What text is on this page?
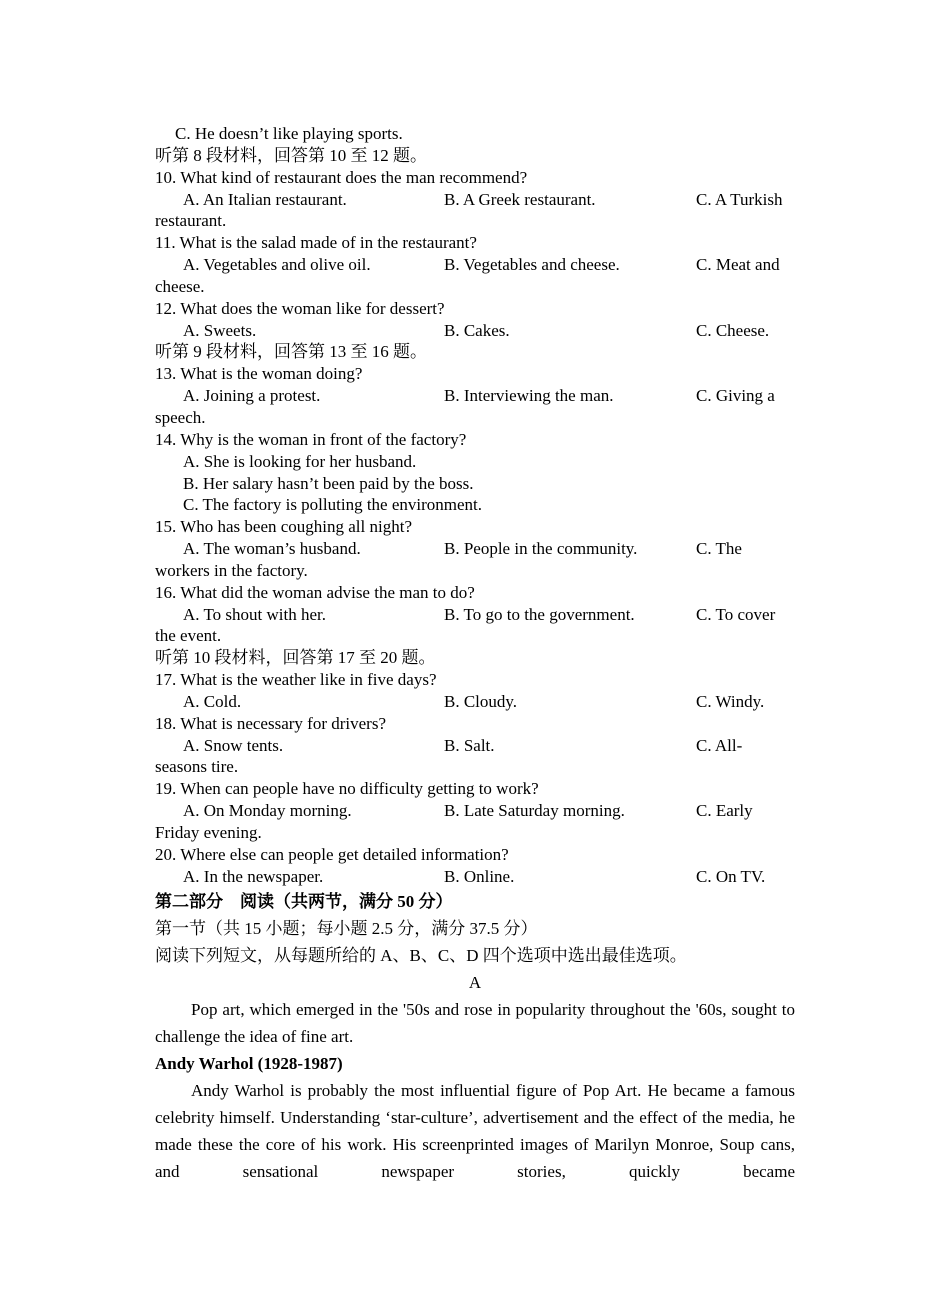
C. He doesn’t like playing sports.
听第 8 段材料，回答第 10 至 12 题。
10. What kind of restaurant does the man recommend?
A. An Italian restaurant.	B. A Greek restaurant.	C. A Turkish
restaurant.
11. What is the salad made of in the restaurant?
A. Vegetables and olive oil.	B. Vegetables and cheese.	C. Meat and
cheese.
12. What does the woman like for dessert?
A. Sweets.	B. Cakes.	C. Cheese.
听第 9 段材料，回答第 13 至 16 题。
13. What is the woman doing?
A. Joining a protest.	B. Interviewing the man.	C. Giving a
speech.
14. Why is the woman in front of the factory?
A. She is looking for her husband.
B. Her salary hasn’t been paid by the boss.
C. The factory is polluting the environment.
15. Who has been coughing all night?
A. The woman’s husband.	B. People in the community.	C. The
workers in the factory.
16. What did the woman advise the man to do?
A. To shout with her.	B. To go to the government.	C. To cover
the event.
听第 10 段材料，回答第 17 至 20 题。
17. What is the weather like in five days?
A. Cold.	B. Cloudy.	C. Windy.
18. What is necessary for drivers?
A. Snow tents.	B. Salt.	C. All-
seasons tire.
19. When can people have no difficulty getting to work?
A. On Monday morning.	B. Late Saturday morning.	C. Early
Friday evening.
20. Where else can people get detailed information?
A. In the newspaper.	B. Online.	C. On TV.
第二部分　阅读（共两节，满分 50 分）
第一节（共 15 小题；每小题 2.5 分，满分 37.5 分）
阅读下列短文，从每题所给的 A、B、C、D 四个选项中选出最佳选项。
A

Pop art, which emerged in the '50s and rose in popularity throughout the '60s, sought to challenge the idea of fine art.

Andy Warhol (1928-1987)

Andy Warhol is probably the most influential figure of Pop Art. He became a famous celebrity himself. Understanding ‘star-culture’, advertisement and the effect of the media, he made these the core of his work. His screenprinted images of Marilyn Monroe, Soup cans, and sensational newspaper stories, quickly became
